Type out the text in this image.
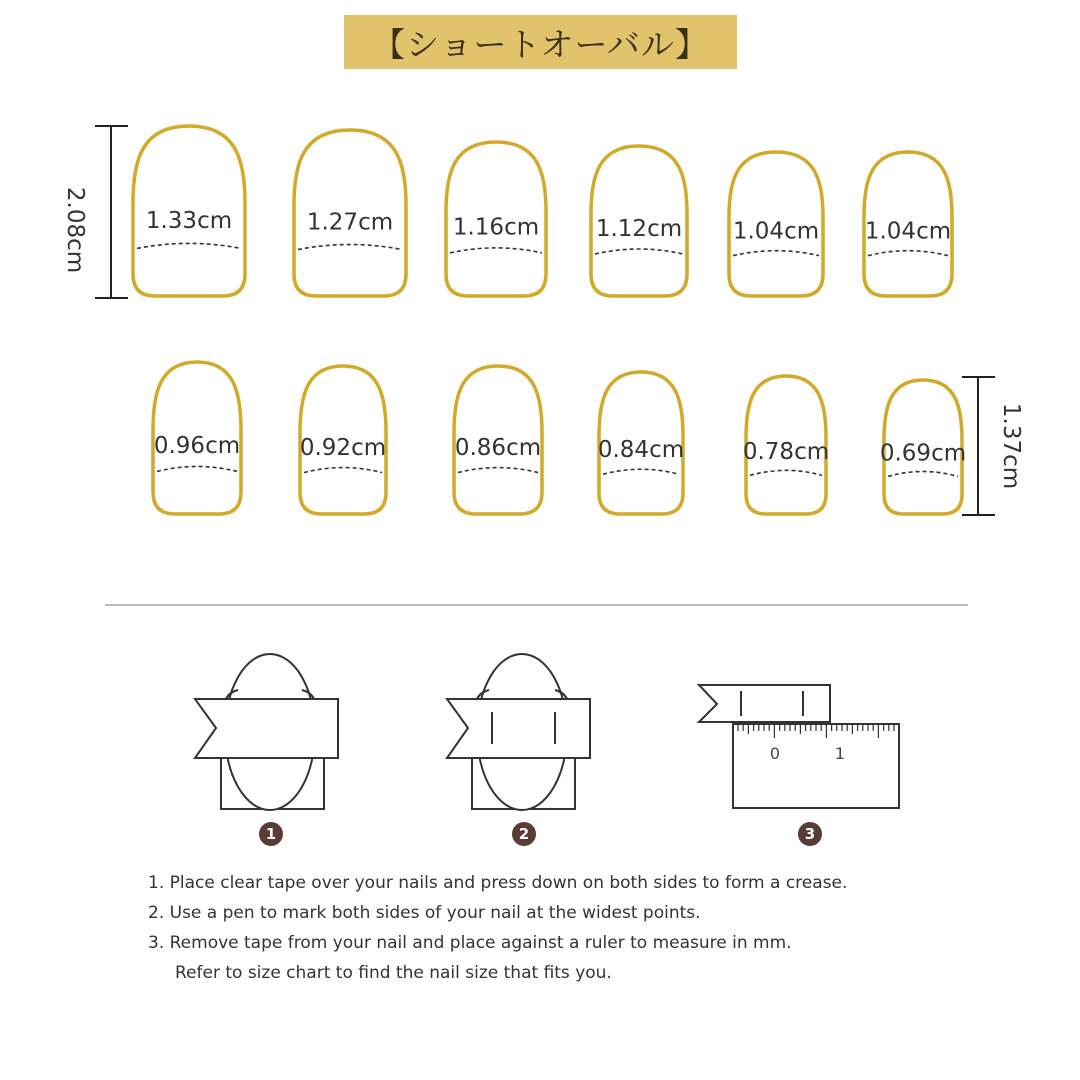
【ショートオーバル】
2.08cm
1.37cm
1.33cm	1.27cm	1.16cm 1.12cm 1.04cm 1.04cm
0.96cm	0.92cm	0.86cm 0.84cm	0.78cm 0.69cm
0	1
1	2	3
1. Place clear tape over your nails and press down on both sides to form a crease.
2. Use a pen to mark both sides of your nail at the widest points.
3. Remove tape from your nail and place against a ruler to measure in mm.
Refer to size chart to find the nail size that fits you.
